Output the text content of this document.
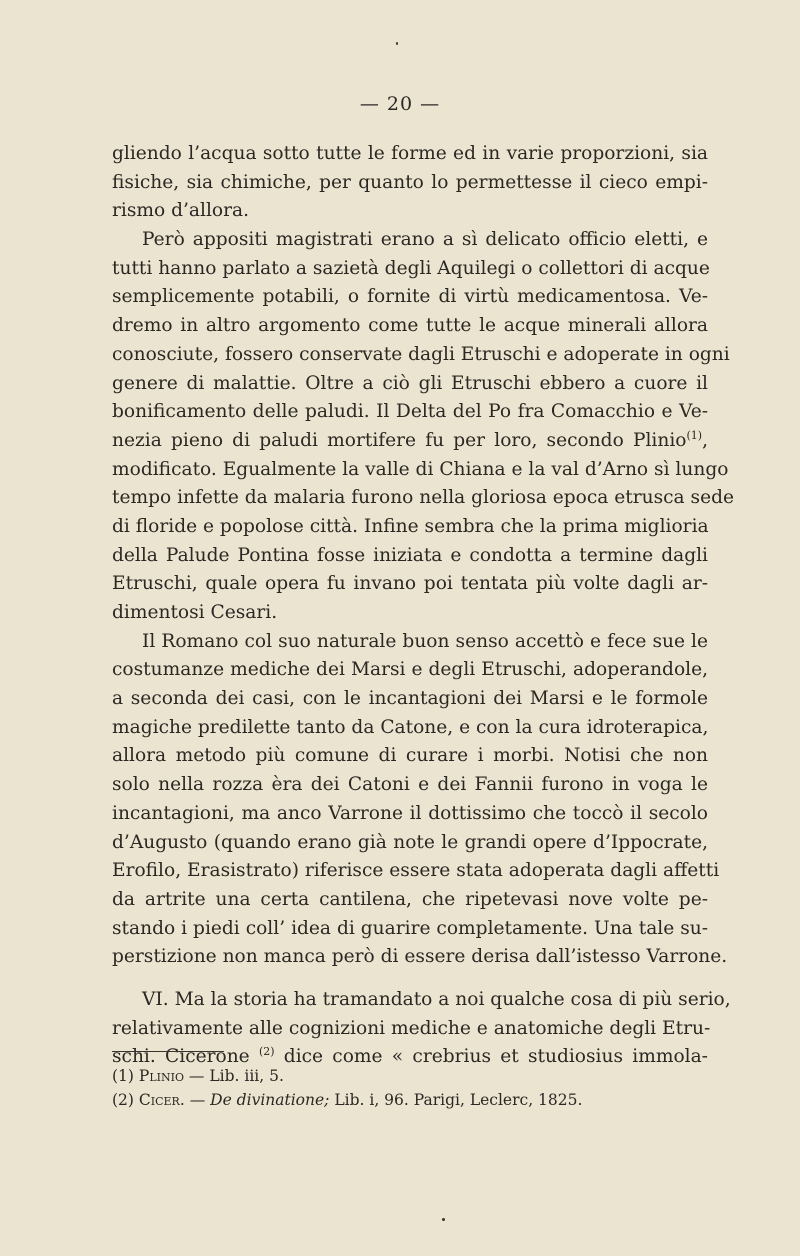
— 20 —
gliendo l’acqua sotto tutte le forme ed in varie proporzioni, sia
fisiche, sia chimiche, per quanto lo permettesse il cieco empi-
rismo d’allora.
Però appositi magistrati erano a sì delicato officio eletti, e
tutti hanno parlato a sazietà degli Aquilegi o collettori di acque
semplicemente potabili, o fornite di virtù medicamentosa. Ve-
dremo in altro argomento come tutte le acque minerali allora
conosciute, fossero conservate dagli Etruschi e adoperate in ogni
genere di malattie. Oltre a ciò gli Etruschi ebbero a cuore il
bonificamento delle paludi. Il Delta del Po fra Comacchio e Ve-
nezia pieno di paludi mortifere fu per loro, secondo Plinio$^{(1)}$,
modificato. Egualmente la valle di Chiana e la val d’Arno sì lungo
tempo infette da malaria furono nella gloriosa epoca etrusca sede
di floride e popolose città. Infine sembra che la prima miglioria
della Palude Pontina fosse iniziata e condotta a termine dagli
Etruschi, quale opera fu invano poi tentata più volte dagli ar-
dimentosi Cesari.
Il Romano col suo naturale buon senso accettò e fece sue le
costumanze mediche dei Marsi e degli Etruschi, adoperandole,
a seconda dei casi, con le incantagioni dei Marsi e le formole
magiche predilette tanto da Catone, e con la cura idroterapica,
allora metodo più comune di curare i morbi. Notisi che non
solo nella rozza èra dei Catoni e dei Fannii furono in voga le
incantagioni, ma anco Varrone il dottissimo che toccò il secolo
d’Augusto (quando erano già note le grandi opere d’Ippocrate,
Erofilo, Erasistrato) riferisce essere stata adoperata dagli affetti
da artrite una certa cantilena, che ripetevasi nove volte pe-
stando i piedi coll’ idea di guarire completamente. Una tale su-
perstizione non manca però di essere derisa dall’istesso Varrone.
VI. Ma la storia ha tramandato a noi qualche cosa di più serio,
relativamente alle cognizioni mediche e anatomiche degli Etru-
schi. Cicerone $^{(2)}$ dice come « crebrius et studiosius immola-
(1) Plinio — Lib. iii, 5.
(2) Cicer. — De divinatione; Lib. i, 96. Parigi, Leclerc, 1825.
